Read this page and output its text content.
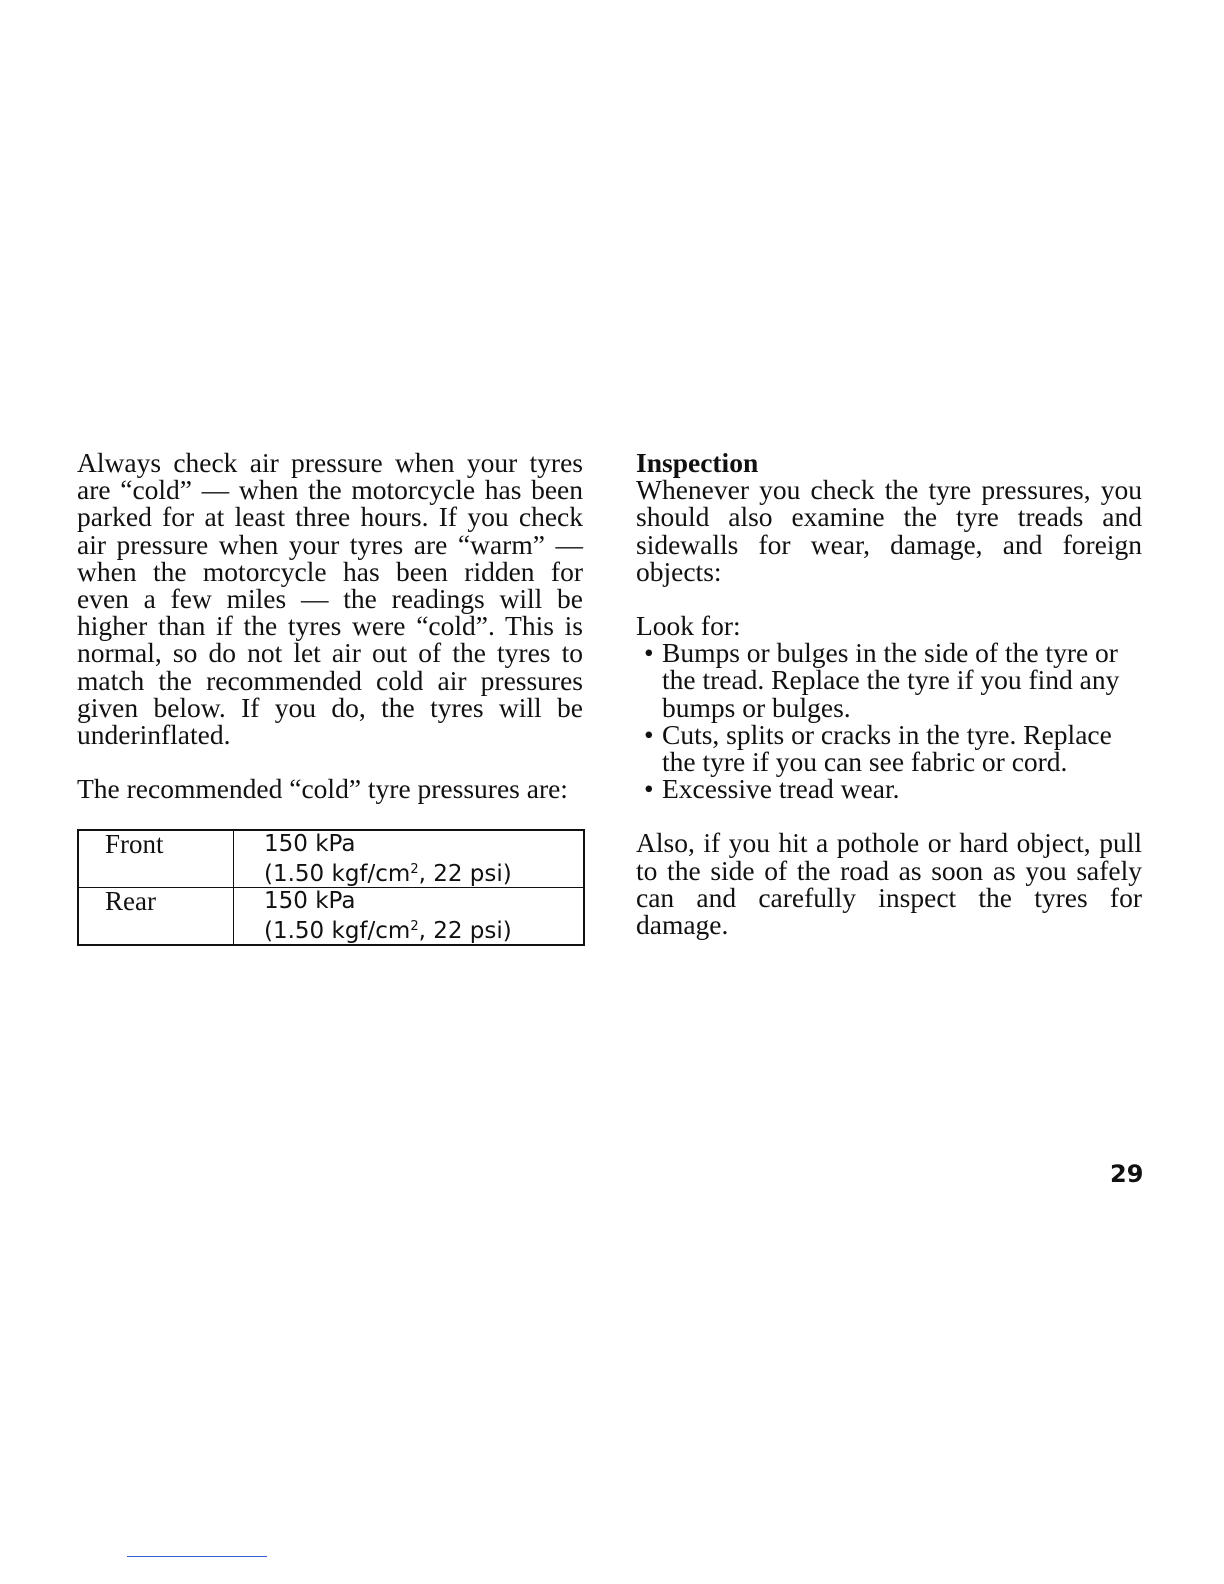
Always check air pressure when your tyres are “cold” — when the motorcycle has been parked for at least three hours. If you check air pressure when your tyres are “warm” — when the motorcycle has been ridden for even a few miles — the readings will be higher than if the tyres were “cold”. This is normal, so do not let air out of the tyres to match the recommended cold air pressures given below. If you do, the tyres will be underinflated.

The recommended “cold” tyre pressures are:

Front	150 kPa
(1.50 kgf/$cm^2$, 22 psi)

Rear	150 kPa
(1.50 kgf/$cm^2$, 22 psi)

Inspection

Whenever you check the tyre pressures, you should also examine the tyre treads and sidewalls for wear, damage, and foreign objects:

Look for:

• Bumps or bulges in the side of the tyre or the tread. Replace the tyre if you find any bumps or bulges.
• Cuts, splits or cracks in the tyre. Replace the tyre if you can see fabric or cord.
• Excessive tread wear.

Also, if you hit a pothole or hard object, pull to the side of the road as soon as you safely can and carefully inspect the tyres for damage.

29
